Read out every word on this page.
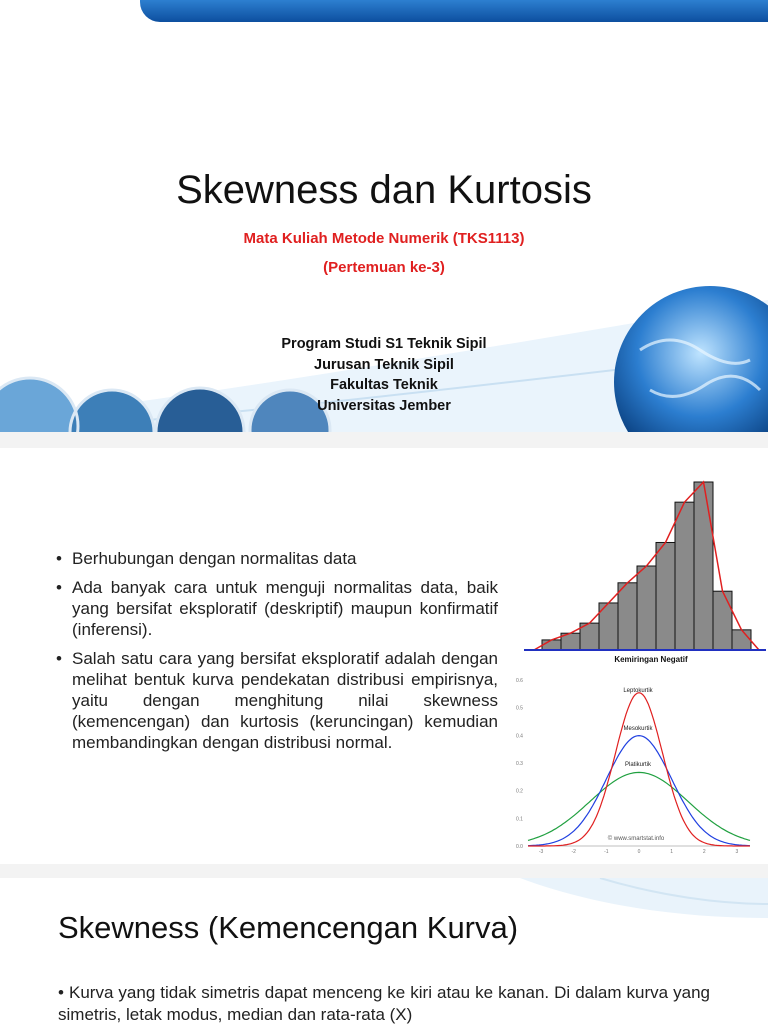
Skewness dan Kurtosis
Mata Kuliah Metode Numerik (TKS1113)
(Pertemuan ke-3)
Program Studi S1 Teknik Sipil
Jurusan Teknik Sipil
Fakultas Teknik
Universitas Jember
• Berhubungan dengan normalitas data
• Ada banyak cara untuk menguji normalitas data, baik yang bersifat eksploratif (deskriptif) maupun konfirmatif (inferensi).
• Salah satu cara yang bersifat eksploratif adalah dengan melihat bentuk kurva pendekatan distribusi empirisnya, yaitu dengan menghitung nilai skewness (kemencengan) dan kurtosis (keruncingan) kemudian membandingkan dengan distribusi normal.
Kemiringan Negatif
0.6
0.5
0.4
0.3
0.2
0.1
0.0
-3	-2	-1	0	1	2	3
Leptokurtik
Mesokurtik
Platikurtik
© www.smartstat.info
Skewness (Kemencengan Kurva)
• Kurva yang tidak simetris dapat menceng ke kiri atau ke kanan. Di dalam kurva yang simetris, letak modus, median dan rata-rata (X)
